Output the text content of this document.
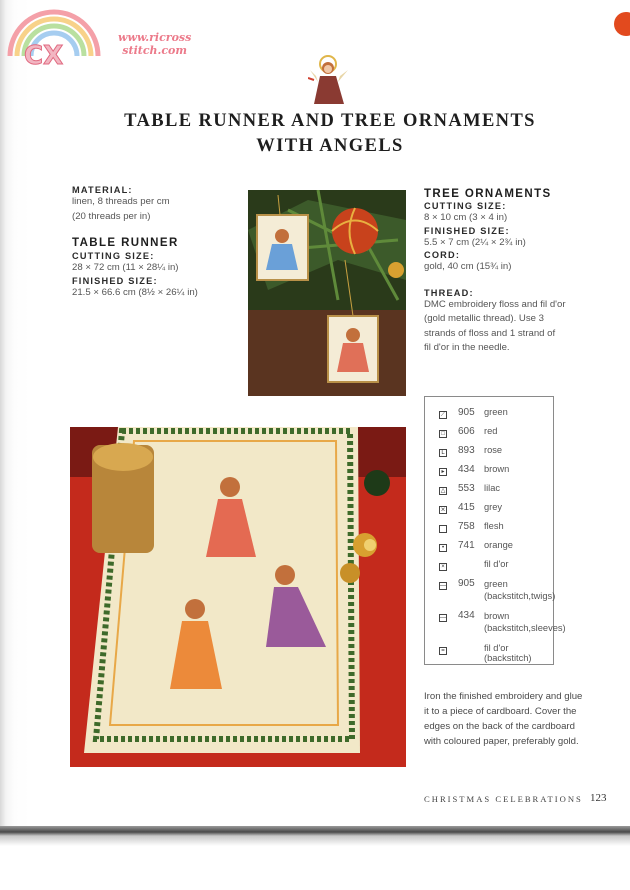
CX
www.ricross
stitch.com
TABLE RUNNER AND TREE ORNAMENTS
WITH ANGELS
MATERIAL:
linen, 8 threads per cm
(20 threads per in)
TABLE RUNNER
CUTTING SIZE:
28 × 72 cm (11 × 28¼ in)
FINISHED SIZE:
21.5 × 66.6 cm (8½ × 26¼ in)
TREE ORNAMENTS
CUTTING SIZE:
8 × 10 cm (3 × 4 in)
FINISHED SIZE:
5.5 × 7 cm (2¼ × 2¾ in)
CORD:
gold, 40 cm (15¾ in)
THREAD:
DMC embroidery floss and fil d'or
(gold metallic thread). Use 3
strands of floss and 1 strand of
fil d'or in the needle.
⟋ 905 green
□ 606 red
L 893 rose
▸ 434 brown
△ 553 lilac
⨯ 415 grey
758 flesh
• 741 orange
×	fil d'or
— 905 green
(backstitch,twigs)
— 434 brown
(backstitch,sleeves)
=	fil d'or (backstitch)
Iron the finished embroidery and glue it to a piece of cardboard. Cover the edges on the back of the cardboard with coloured paper, preferably gold.
CHRISTMAS CELEBRATIONS 123
